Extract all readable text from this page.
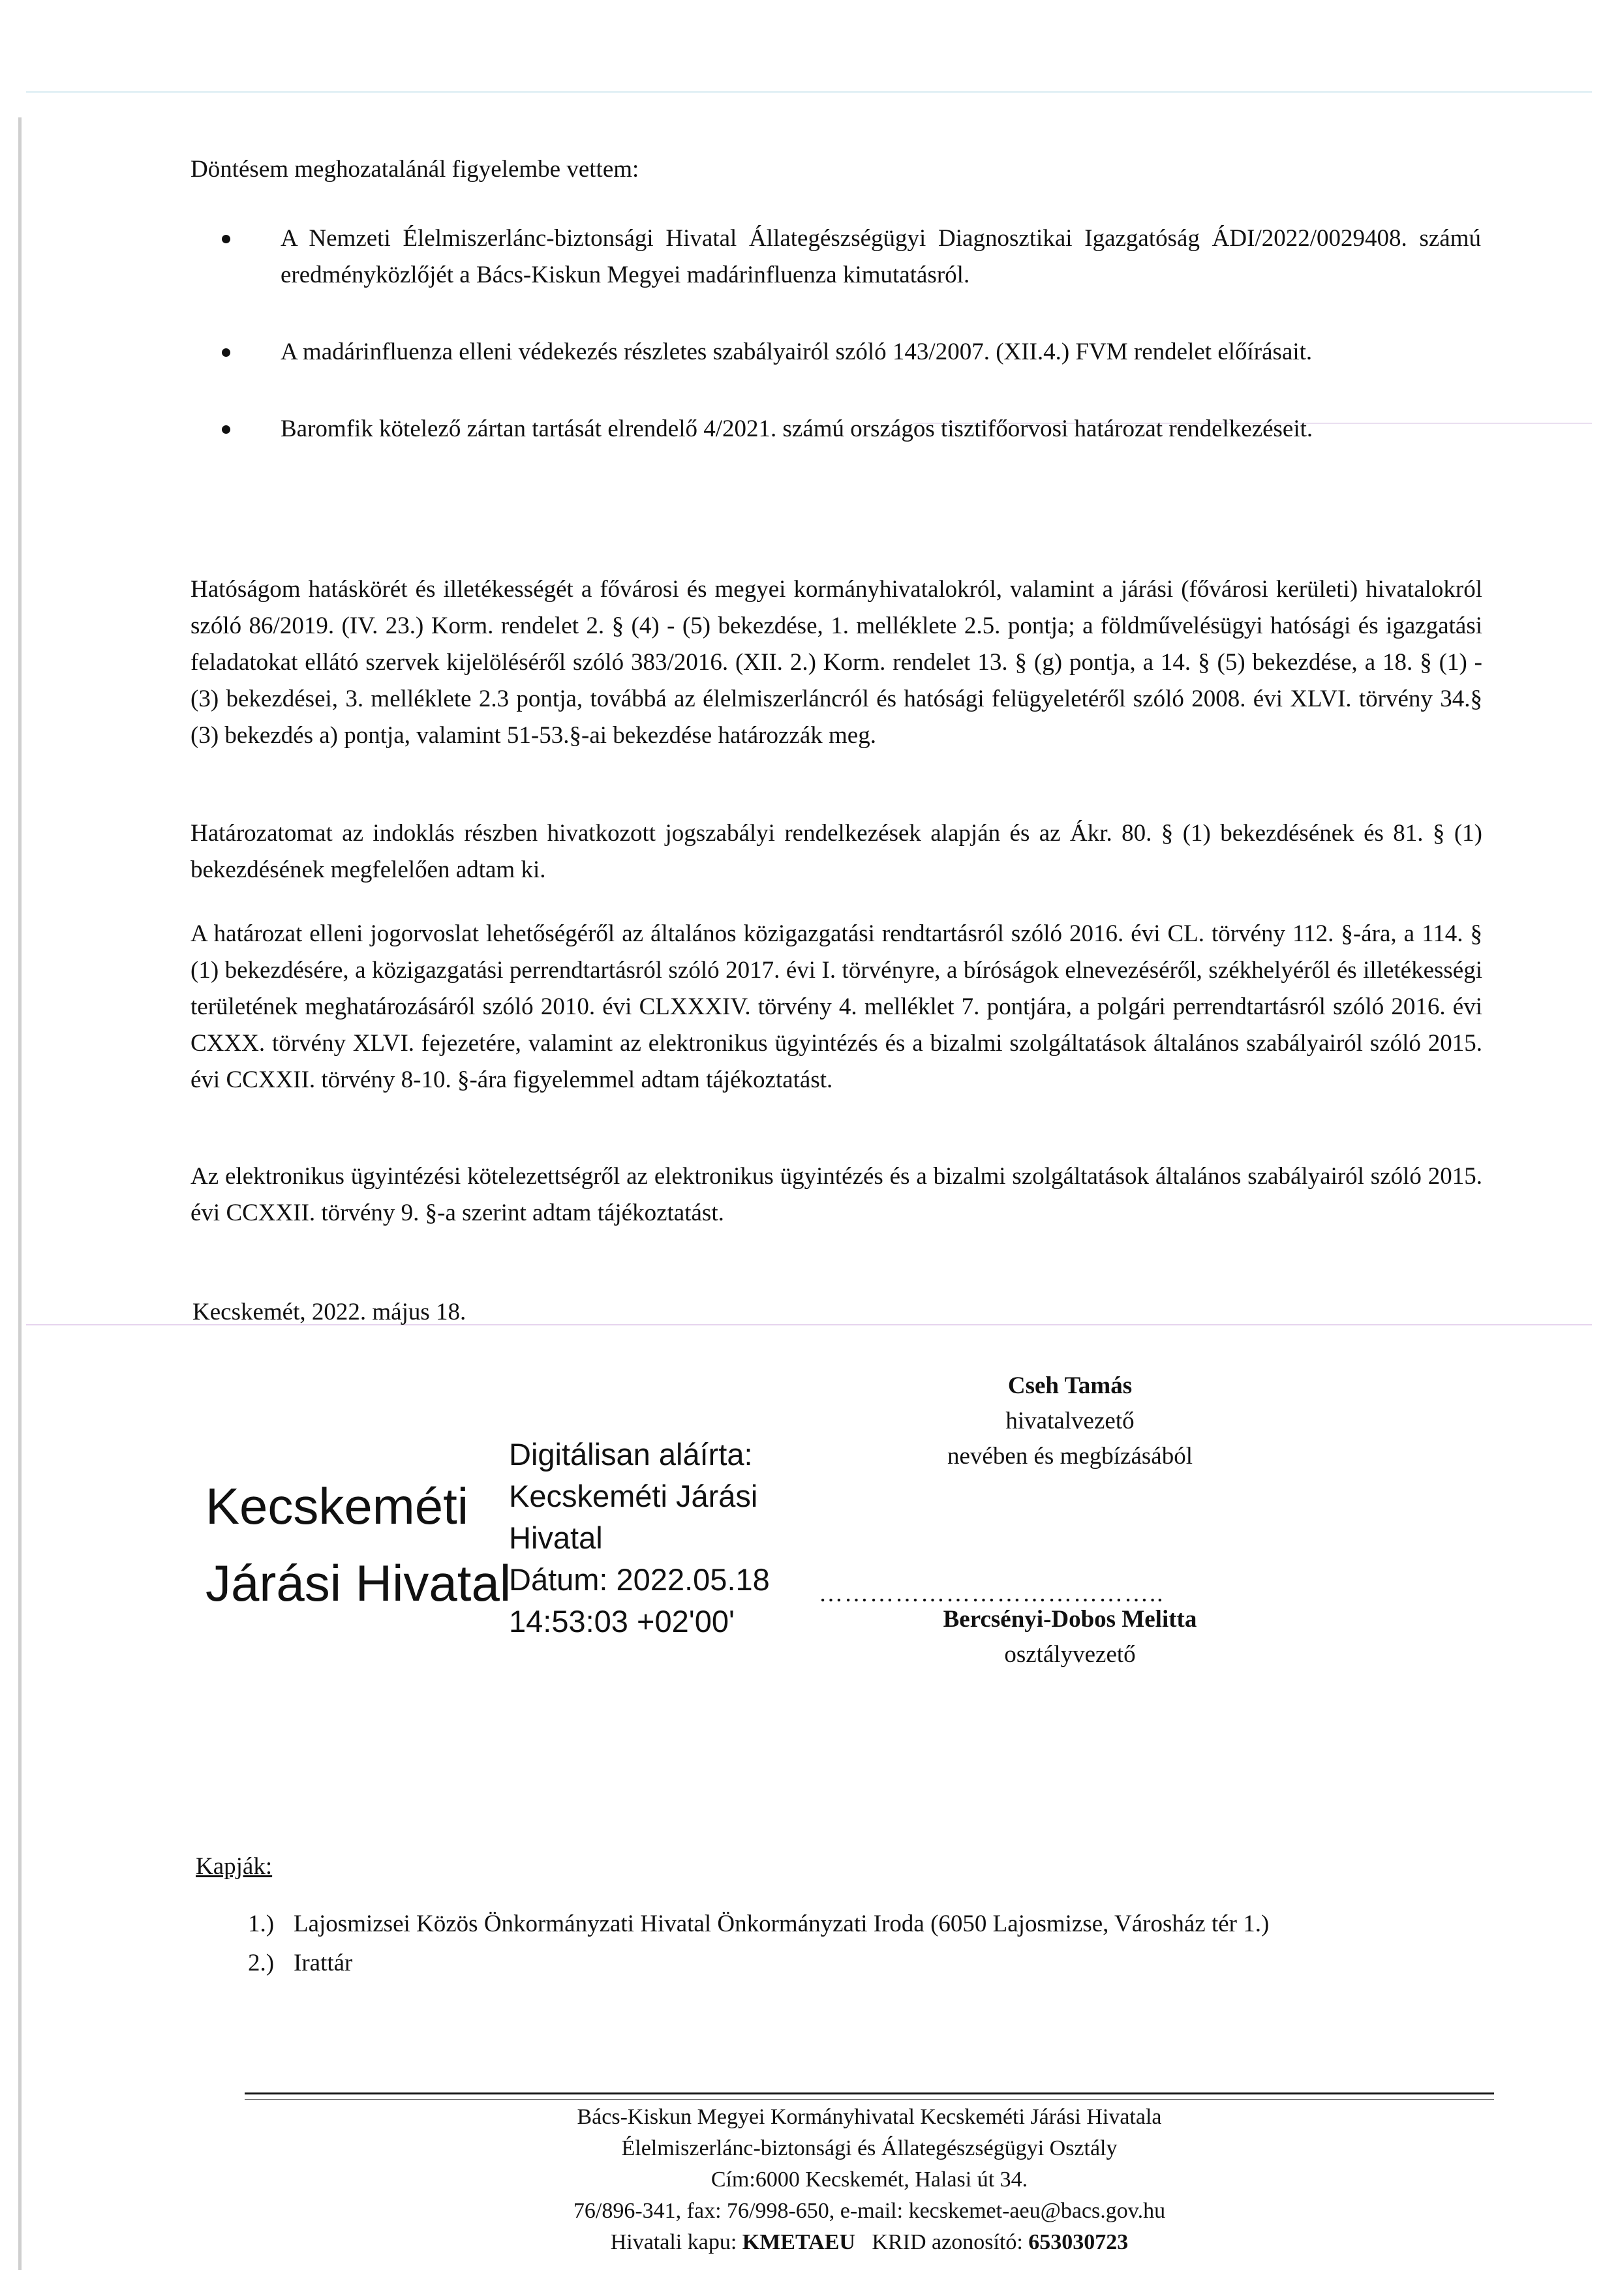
Döntésem meghozatalánál figyelembe vettem:

A Nemzeti Élelmiszerlánc-biztonsági Hivatal Állategészségügyi Diagnosztikai Igazgatóság ÁDI/2022/0029408. számú eredményközlőjét a Bács-Kiskun Megyei madárinfluenza kimutatásról.
A madárinfluenza elleni védekezés részletes szabályairól szóló 143/2007. (XII.4.) FVM rendelet előírásait.
Baromfik kötelező zártan tartását elrendelő 4/2021. számú országos tisztifőorvosi határozat rendelkezéseit.

Hatóságom hatáskörét és illetékességét a fővárosi és megyei kormányhivatalokról, valamint a járási (fővárosi kerületi) hivatalokról szóló 86/2019. (IV. 23.) Korm. rendelet 2. § (4) - (5) bekezdése, 1. melléklete 2.5. pontja; a földművelésügyi hatósági és igazgatási feladatokat ellátó szervek kijelöléséről szóló 383/2016. (XII. 2.) Korm. rendelet 13. § (g) pontja, a 14. § (5) bekezdése, a 18. § (1) - (3) bekezdései, 3. melléklete 2.3 pontja, továbbá az élelmiszerláncról és hatósági felügyeletéről szóló 2008. évi XLVI. törvény 34.§ (3) bekezdés a) pontja, valamint 51-53.§-ai bekezdése határozzák meg.

Határozatomat az indoklás részben hivatkozott jogszabályi rendelkezések alapján és az Ákr. 80. § (1) bekezdésének és 81. § (1) bekezdésének megfelelően adtam ki.

A határozat elleni jogorvoslat lehetőségéről az általános közigazgatási rendtartásról szóló 2016. évi CL. törvény 112. §-ára, a 114. § (1) bekezdésére, a közigazgatási perrendtartásról szóló 2017. évi I. törvényre, a bíróságok elnevezéséről, székhelyéről és illetékességi területének meghatározásáról szóló 2010. évi CLXXXIV. törvény 4. melléklet 7. pontjára, a polgári perrendtartásról szóló 2016. évi CXXX. törvény XLVI. fejezetére, valamint az elektronikus ügyintézés és a bizalmi szolgáltatások általános szabályairól szóló 2015. évi CCXXII. törvény 8-10. §-ára figyelemmel adtam tájékoztatást.

Az elektronikus ügyintézési kötelezettségről az elektronikus ügyintézés és a bizalmi szolgáltatások általános szabályairól szóló 2015. évi CCXXII. törvény 9. §-a szerint adtam tájékoztatást.

Kecskemét, 2022. május 18.
Cseh Tamás
hivatalvezető
nevében és megbízásából
Kecskeméti
Járási Hivatal
Digitálisan aláírta:
Kecskeméti Járási
Hivatal
Dátum: 2022.05.18
14:53:03 +02'00'
…………………………………..
Bercsényi-Dobos Melitta
osztályvezető
Kapják:
1.) Lajosmizsei Közös Önkormányzati Hivatal Önkormányzati Iroda (6050 Lajosmizse, Városház tér 1.)
2.) Irattár
Bács-Kiskun Megyei Kormányhivatal Kecskeméti Járási Hivatala
Élelmiszerlánc-biztonsági és Állategészségügyi Osztály
Cím:6000 Kecskemét, Halasi út 34.
76/896-341, fax: 76/998-650, e-mail: kecskemet-aeu@bacs.gov.hu
Hivatali kapu: KMETAEU KRID azonosító: 653030723
